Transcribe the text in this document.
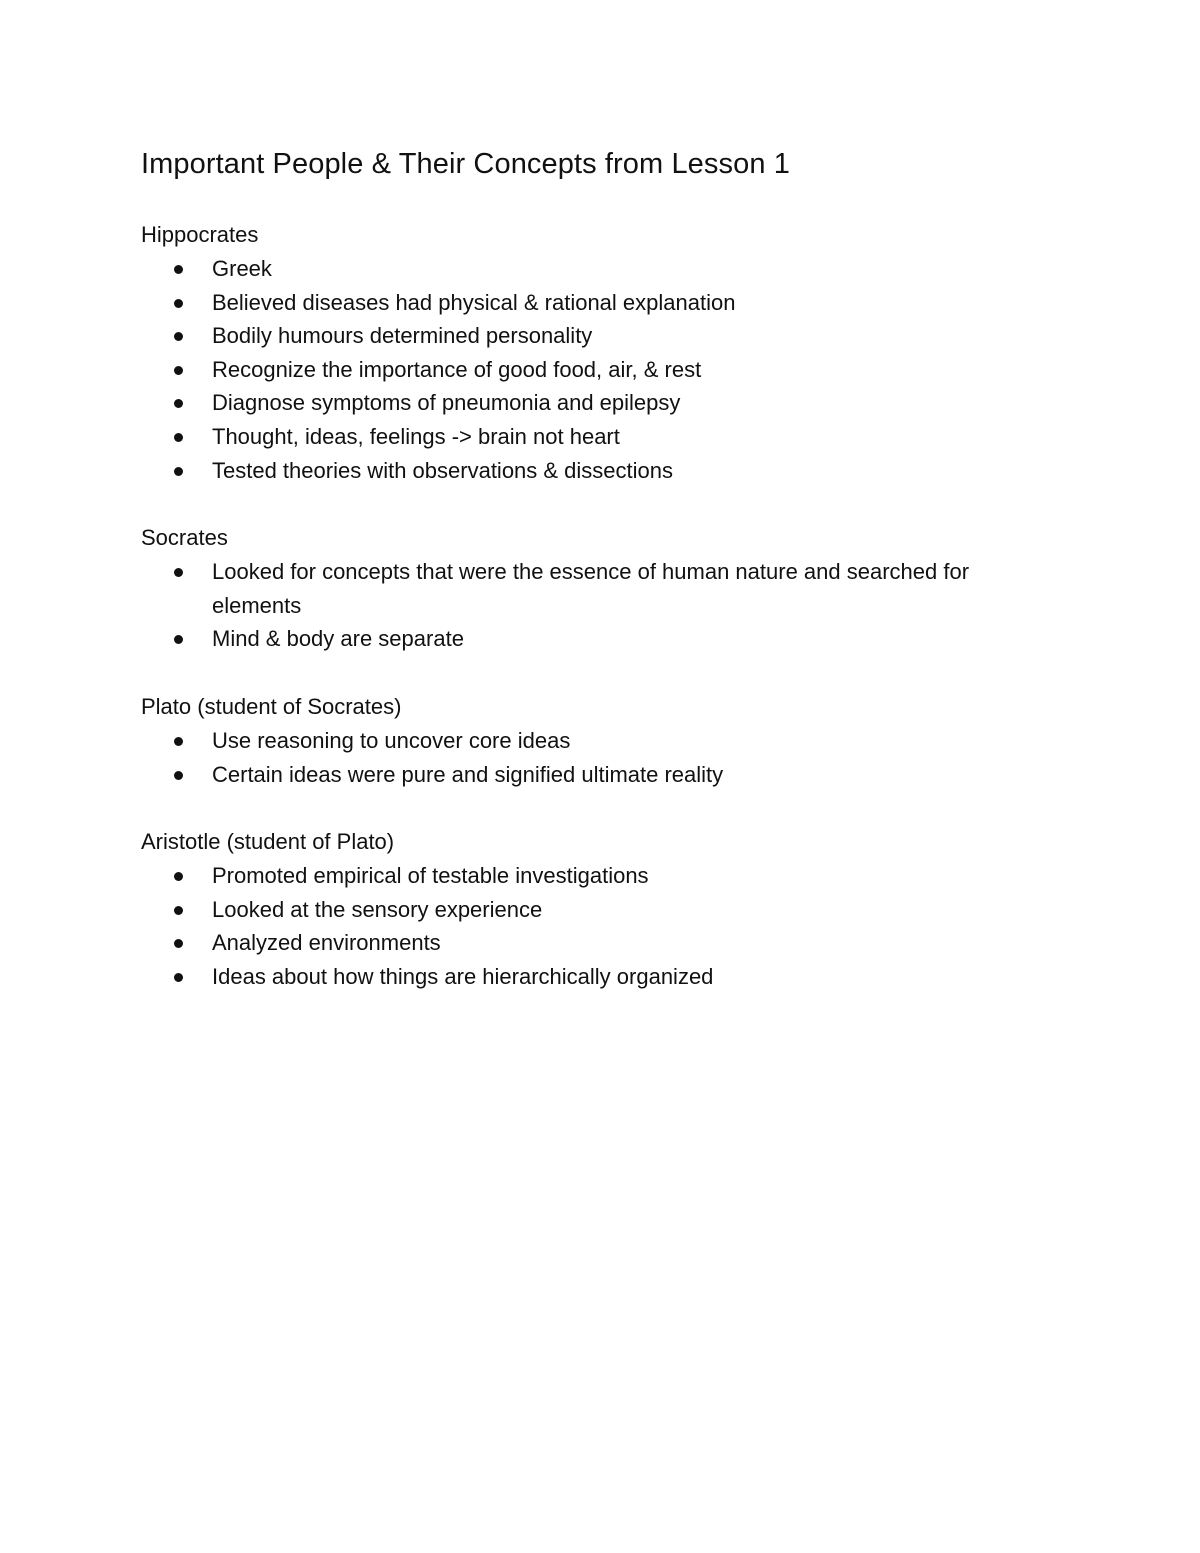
Important People & Their Concepts from Lesson 1
Hippocrates
Greek
Believed diseases had physical & rational explanation
Bodily humours determined personality
Recognize the importance of good food, air, & rest
Diagnose symptoms of pneumonia and epilepsy
Thought, ideas, feelings -> brain not heart
Tested theories with observations & dissections
Socrates
Looked for concepts that were the essence of human nature and searched for elements
Mind & body are separate
Plato (student of Socrates)
Use reasoning to uncover core ideas
Certain ideas were pure and signified ultimate reality
Aristotle (student of Plato)
Promoted empirical of testable investigations
Looked at the sensory experience
Analyzed environments
Ideas about how things are hierarchically organized
